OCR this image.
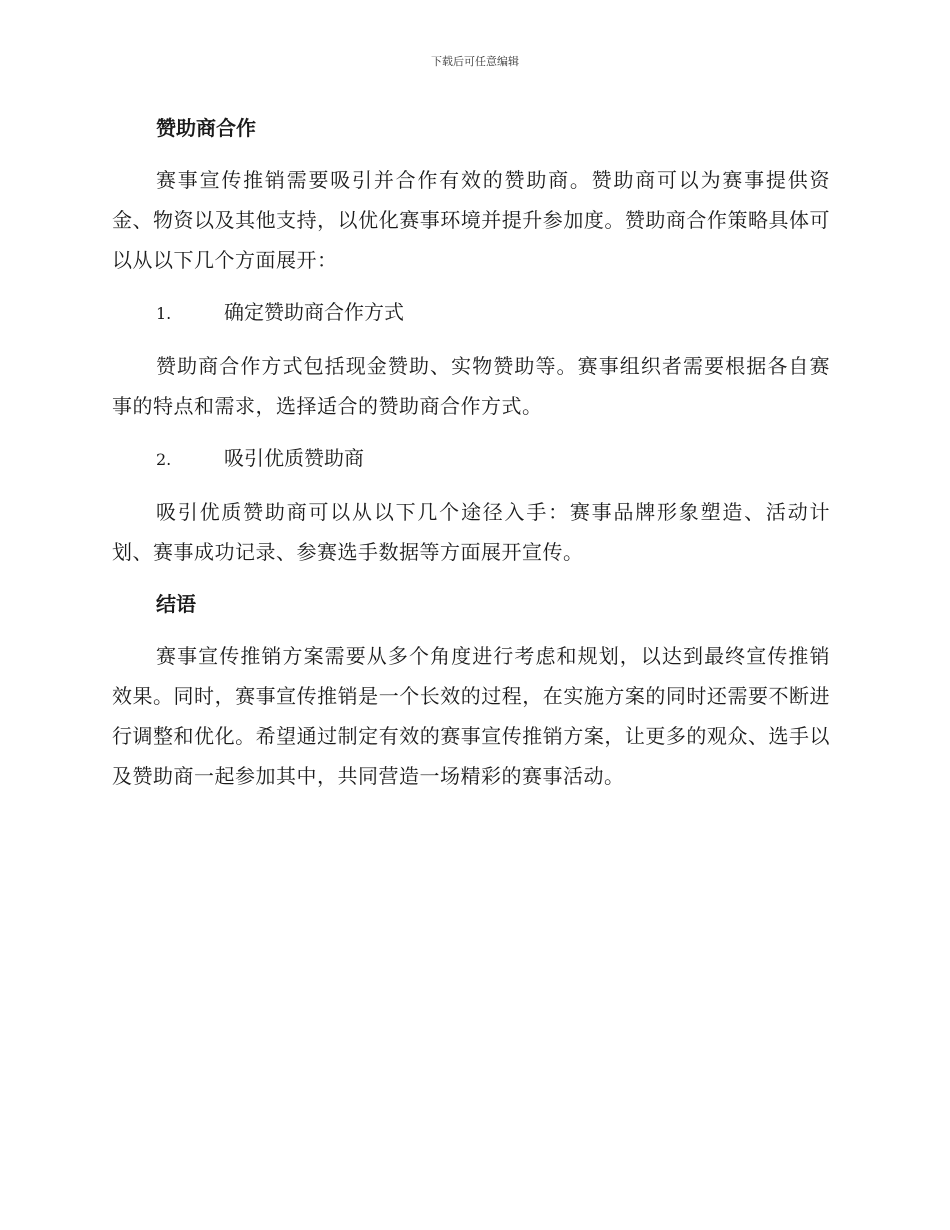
下载后可任意编辑
赞助商合作

赛事宣传推销需要吸引并合作有效的赞助商。赞助商可以为赛事提供资金、物资以及其他支持，以优化赛事环境并提升参加度。赞助商合作策略具体可以从以下几个方面展开：

1.	确定赞助商合作方式

赞助商合作方式包括现金赞助、实物赞助等。赛事组织者需要根据各自赛事的特点和需求，选择适合的赞助商合作方式。

2.	吸引优质赞助商

吸引优质赞助商可以从以下几个途径入手：赛事品牌形象塑造、活动计划、赛事成功记录、参赛选手数据等方面展开宣传。

结语

赛事宣传推销方案需要从多个角度进行考虑和规划，以达到最终宣传推销效果。同时，赛事宣传推销是一个长效的过程，在实施方案的同时还需要不断进行调整和优化。希望通过制定有效的赛事宣传推销方案，让更多的观众、选手以及赞助商一起参加其中，共同营造一场精彩的赛事活动。
